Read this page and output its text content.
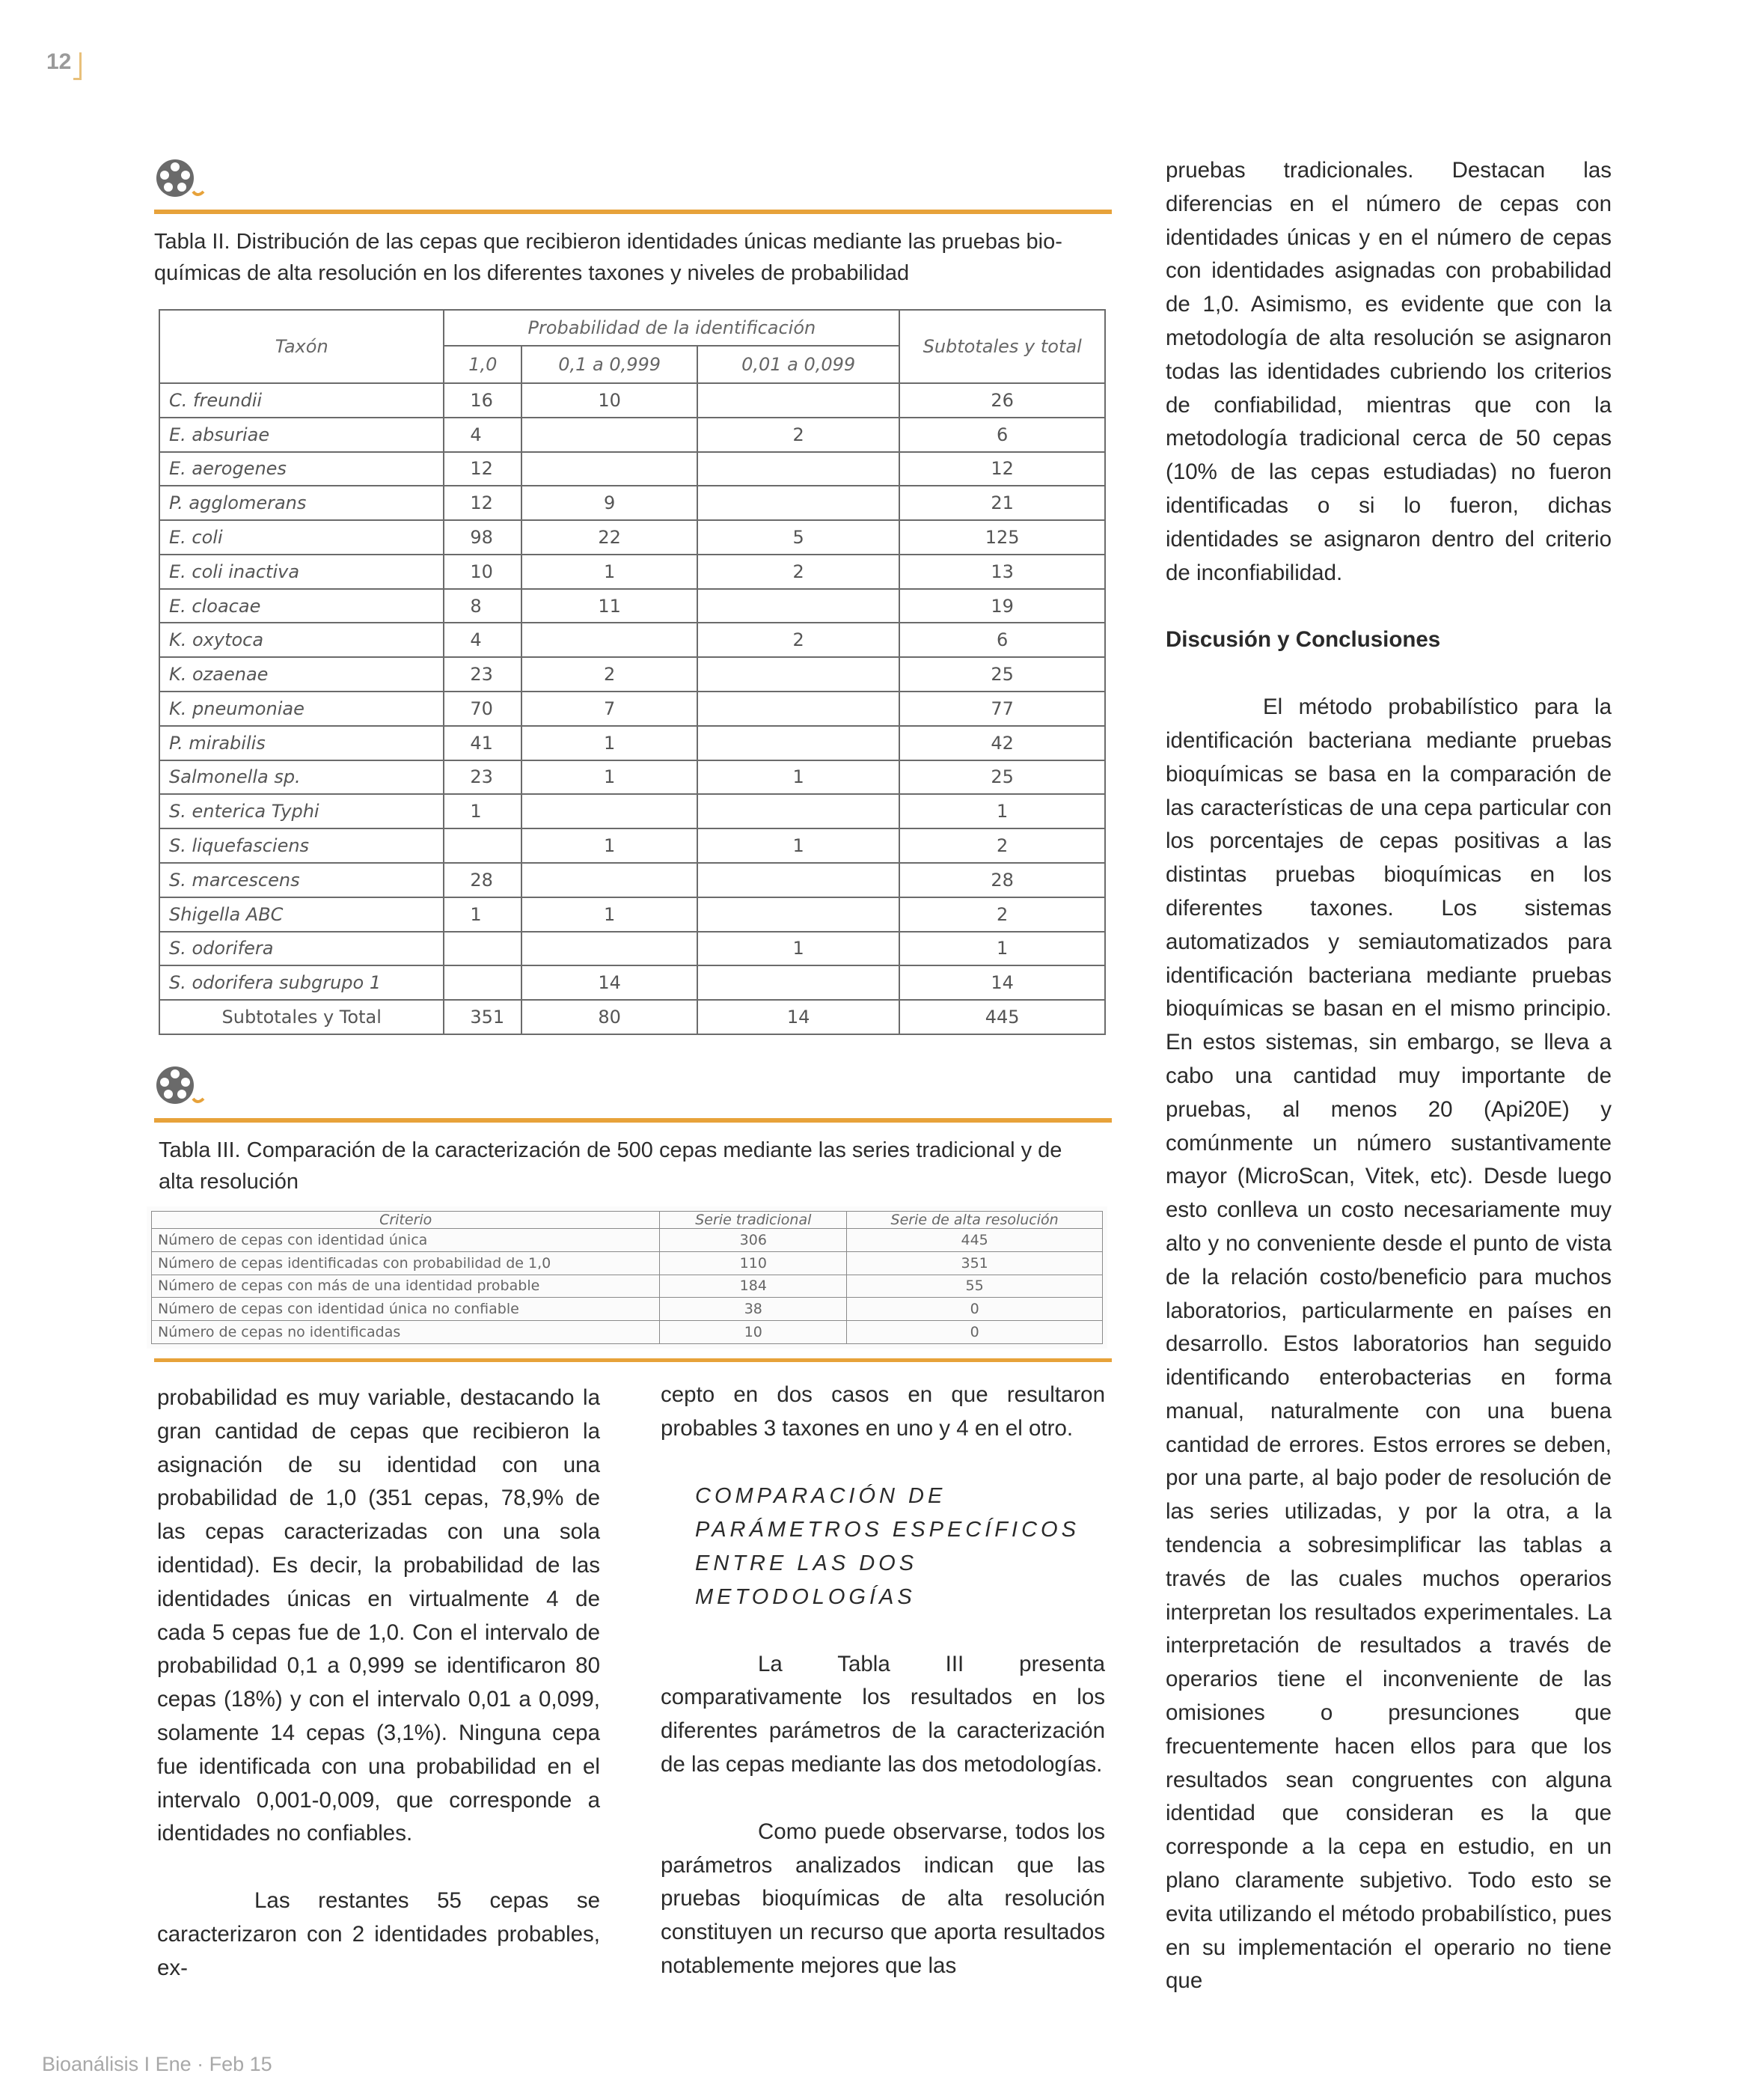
12
Bioanálisis I Ene · Feb 15
Tabla II. Distribución de las cepas que recibieron identidades únicas mediante las pruebas bio-
químicas de alta resolución en los diferentes taxones y niveles de probabilidad
Taxón	Probabilidad de la identificación			Subtotales y total
	1,0	0,1 a 0,999	0,01 a 0,099	
C. freundii	16	10		26
E. absuriae	4		2	6
E. aerogenes	12			12
P. agglomerans	12	9		21
E. coli	98	22	5	125
E. coli inactiva	10	1	2	13
E. cloacae	8	11		19
K. oxytoca	4		2	6
K. ozaenae	23	2		25
K. pneumoniae	70	7		77
P. mirabilis	41	1		42
Salmonella sp.	23	1	1	25
S. enterica Typhi	1			1
S. liquefasciens		1	1	2
S. marcescens	28			28
Shigella ABC	1	1		2
S. odorifera			1	1
S. odorifera subgrupo 1		14		14
Subtotales y Total	351	80	14	445
Tabla III. Comparación de la caracterización de 500 cepas mediante las series tradicional y de
alta resolución
Criterio	Serie tradicional	Serie de alta resolución
Número de cepas con identidad única	306	445
Número de cepas identificadas con probabilidad de 1,0	110	351
Número de cepas con más de una identidad probable	184	55
Número de cepas con identidad única no confiable	38	0
Número de cepas no identificadas	10	0

probabilidad es muy variable, destacando la gran cantidad de cepas que recibieron la asignación de su identidad con una probabilidad de 1,0 (351 cepas, 78,9% de las cepas caracterizadas con una sola identidad). Es decir, la probabilidad de las identidades únicas en virtualmente 4 de cada 5 cepas fue de 1,0. Con el intervalo de probabilidad 0,1 a 0,999 se identificaron 80 cepas (18%) y con el intervalo 0,01 a 0,099, solamente 14 cepas (3,1%). Ninguna cepa fue identificada con una probabilidad en el intervalo 0,001-0,009, que corresponde a identidades no confiables.

Las restantes 55 cepas se caracterizaron con 2 identidades probables, ex-

cepto en dos casos en que resultaron probables 3 taxones en uno y 4 en el otro.

COMPARACIÓN DE PARÁMETROS ESPECÍFICOS ENTRE LAS DOS METODOLOGÍAS

La Tabla III presenta comparativamente los resultados en los diferentes parámetros de la caracterización de las cepas mediante las dos metodologías.

Como puede observarse, todos los parámetros analizados indican que las pruebas bioquímicas de alta resolución constituyen un recurso que aporta resultados notablemente mejores que las

pruebas tradicionales. Destacan las diferencias en el número de cepas con identidades únicas y en el número de cepas con identidades asignadas con probabilidad de 1,0. Asimismo, es evidente que con la metodología de alta resolución se asignaron todas las identidades cubriendo los criterios de confiabilidad, mientras que con la metodología tradicional cerca de 50 cepas (10% de las cepas estudiadas) no fueron identificadas o si lo fueron, dichas identidades se asignaron dentro del criterio de inconfiabilidad.

Discusión y Conclusiones

El método probabilístico para la identificación bacteriana mediante pruebas bioquímicas se basa en la comparación de las características de una cepa particular con los porcentajes de cepas positivas a las distintas pruebas bioquímicas en los diferentes taxones. Los sistemas automatizados y semiautomatizados para identificación bacteriana mediante pruebas bioquímicas se basan en el mismo principio. En estos sistemas, sin embargo, se lleva a cabo una cantidad muy importante de pruebas, al menos 20 (Api20E) y comúnmente un número sustantivamente mayor (MicroScan, Vitek, etc). Desde luego esto conlleva un costo necesariamente muy alto y no conveniente desde el punto de vista de la relación costo/beneficio para muchos laboratorios, particularmente en países en desarrollo. Estos laboratorios han seguido identificando enterobacterias en forma manual, naturalmente con una buena cantidad de errores. Estos errores se deben, por una parte, al bajo poder de resolución de las series utilizadas, y por la otra, a la tendencia a sobresimplificar las tablas a través de las cuales muchos operarios interpretan los resultados experimentales. La interpretación de resultados a través de operarios tiene el inconveniente de las omisiones o presunciones que frecuentemente hacen ellos para que los resultados sean congruentes con alguna identidad que consideran es la que corresponde a la cepa en estudio, en un plano claramente subjetivo. Todo esto se evita utilizando el método probabilístico, pues en su implementación el operario no tiene que
